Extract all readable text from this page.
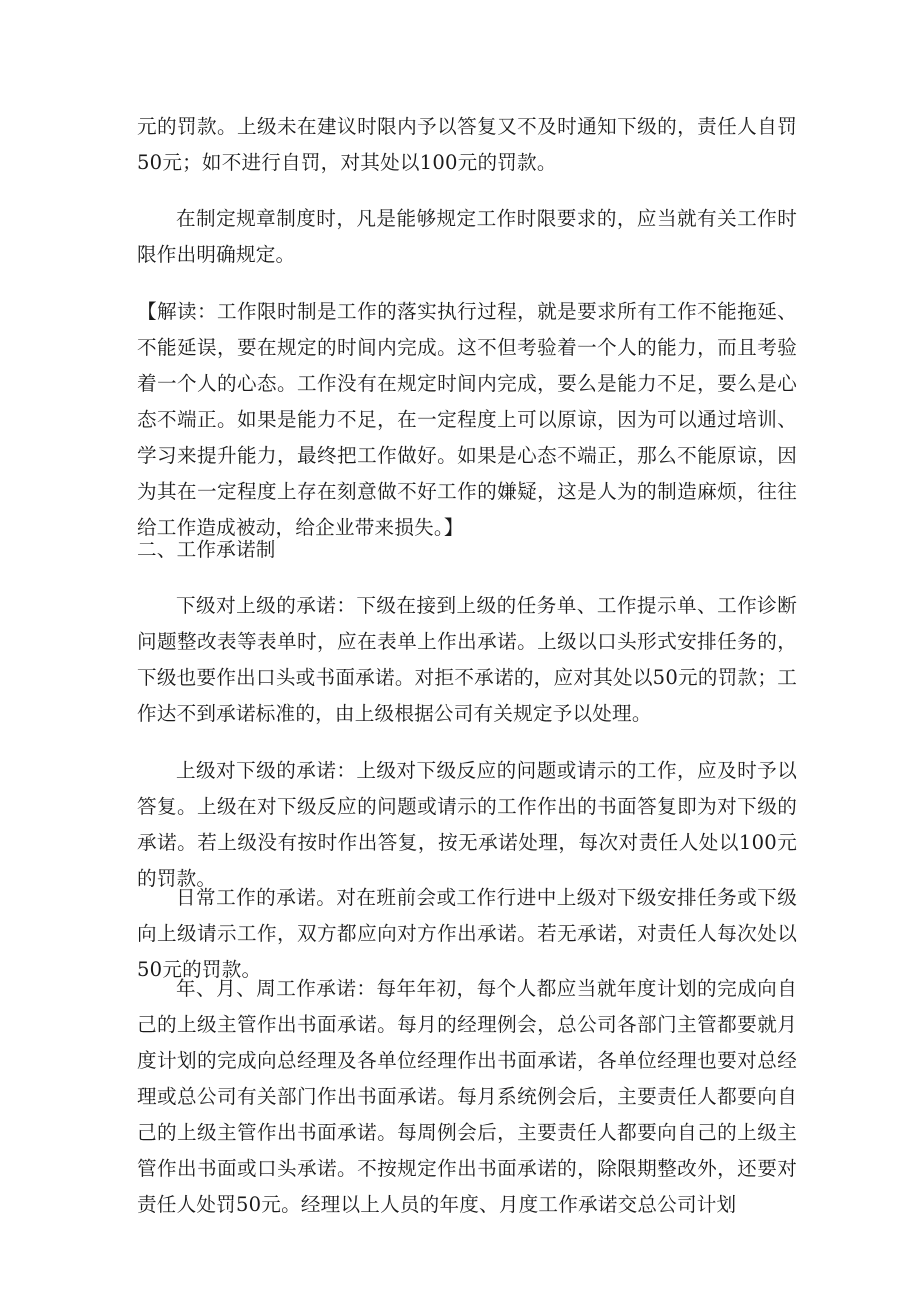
元的罚款。上级未在建议时限内予以答复又不及时通知下级的，责任人自罚50元；如不进行自罚，对其处以100元的罚款。

在制定规章制度时，凡是能够规定工作时限要求的，应当就有关工作时限作出明确规定。

【解读：工作限时制是工作的落实执行过程，就是要求所有工作不能拖延、不能延误，要在规定的时间内完成。这不但考验着一个人的能力，而且考验着一个人的心态。工作没有在规定时间内完成，要么是能力不足，要么是心态不端正。如果是能力不足，在一定程度上可以原谅，因为可以通过培训、学习来提升能力，最终把工作做好。如果是心态不端正，那么不能原谅，因为其在一定程度上存在刻意做不好工作的嫌疑，这是人为的制造麻烦，往往给工作造成被动，给企业带来损失。】

二、工作承诺制

下级对上级的承诺：下级在接到上级的任务单、工作提示单、工作诊断问题整改表等表单时，应在表单上作出承诺。上级以口头形式安排任务的，下级也要作出口头或书面承诺。对拒不承诺的，应对其处以50元的罚款；工作达不到承诺标准的，由上级根据公司有关规定予以处理。

上级对下级的承诺：上级对下级反应的问题或请示的工作，应及时予以答复。上级在对下级反应的问题或请示的工作作出的书面答复即为对下级的承诺。若上级没有按时作出答复，按无承诺处理，每次对责任人处以100元的罚款。

日常工作的承诺。对在班前会或工作行进中上级对下级安排任务或下级向上级请示工作，双方都应向对方作出承诺。若无承诺，对责任人每次处以50元的罚款。

年、月、周工作承诺：每年年初，每个人都应当就年度计划的完成向自己的上级主管作出书面承诺。每月的经理例会，总公司各部门主管都要就月度计划的完成向总经理及各单位经理作出书面承诺，各单位经理也要对总经理或总公司有关部门作出书面承诺。每月系统例会后，主要责任人都要向自己的上级主管作出书面承诺。每周例会后，主要责任人都要向自己的上级主管作出书面或口头承诺。不按规定作出书面承诺的，除限期整改外，还要对责任人处罚50元。经理以上人员的年度、月度工作承诺交总公司计划
